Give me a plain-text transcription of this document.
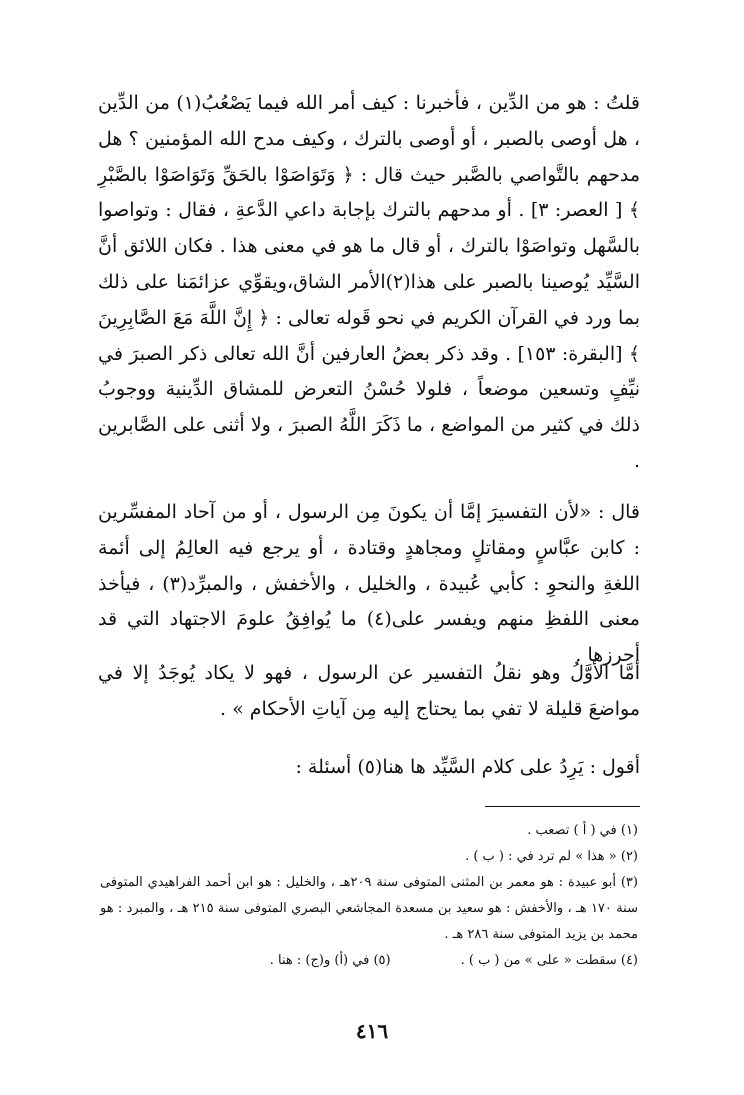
قلتُ : هو من الدِّين ، فأخبرنا : كيف أمر الله فيما يَصْعُبُ(١) من الدِّين ، هل أوصى بالصبر ، أو أوصى بالترك ، وكيف مدح الله المؤمنين ؟ هل مدحهم بالتَّواصي بالصَّبر حيث قال : ﴿ وَتَوَاصَوْا بالحَقِّ وَتَوَاصَوْا بالصَّبْرِ ﴾ [ العصر: ٣] . أو مدحهم بالترك بإجابة داعي الدَّعةِ ، فقال : وتواصوا بالسَّهل وتواصَوْا بالترك ، أو قال ما هو في معنى هذا . فكان اللائق أنَّ السَّيِّد يُوصينا بالصبر على هذا(٢)الأمر الشاق،ويقوِّي عزائمَنا على ذلك بما ورد في القرآن الكريم في نحو قَوله تعالى : ﴿ إِنَّ اللَّهَ مَعَ الصَّابِرِينَ ﴾ [البقرة: ١٥٣] . وقد ذكر بعضُ العارفين أنَّ الله تعالى ذكر الصبرَ في نيِّفٍ وتسعين موضعاً ، فلولا حُسْنُ التعرض للمشاق الدِّينية ووجوبُ ذلك في كثير من المواضع ، ما ذَكَرَ اللَّهُ الصبرَ ، ولا أثنى على الصَّابرين .

قال : «لأن التفسيرَ إمَّا أن يكونَ مِن الرسول ، أو من آحاد المفسِّرين : كابن عبَّاسٍ ومقاتلٍ ومجاهدٍ وقتادة ، أو يرجع فيه العالِمُ إلى أئمة اللغةِ والنحوِ : كأبي عُبيدة ، والخليل ، والأخفش ، والمبرِّد(٣) ، فيأخذ معنى اللفظِ منهم ويفسر على(٤) ما يُوافِقُ علومَ الاجتهاد التي قد أحرزها .

أمَّا الأوَّلُ وهو نقلُ التفسير عن الرسول ، فهو لا يكاد يُوجَدُ إلا في مواضعَ قليلة لا تفي بما يحتاج إليه مِن آياتِ الأحكام » .

أقول : يَرِدُ على كلام السَّيِّد ها هنا(٥) أسئلة :

(١) في ( أ ) تصعب .

(٢) « هذا » لم ترد في : ( ب ) .

(٣) أبو عبيدة : هو معمر بن المثنى المتوفى سنة ٢٠٩هـ ، والخليل : هو ابن أحمد الفراهيدي المتوفى سنة ١٧٠ هـ ، والأخفش : هو سعيد بن مسعدة المجاشعي البصري المتوفى سنة ٢١٥ هـ ، والمبرد : هو محمد بن يزيد المتوفى سنة ٢٨٦ هـ .

(٤) سقطت « على » من ( ب ) .
(٥) في (أ) و(ج) : هنا .
٤١٦
